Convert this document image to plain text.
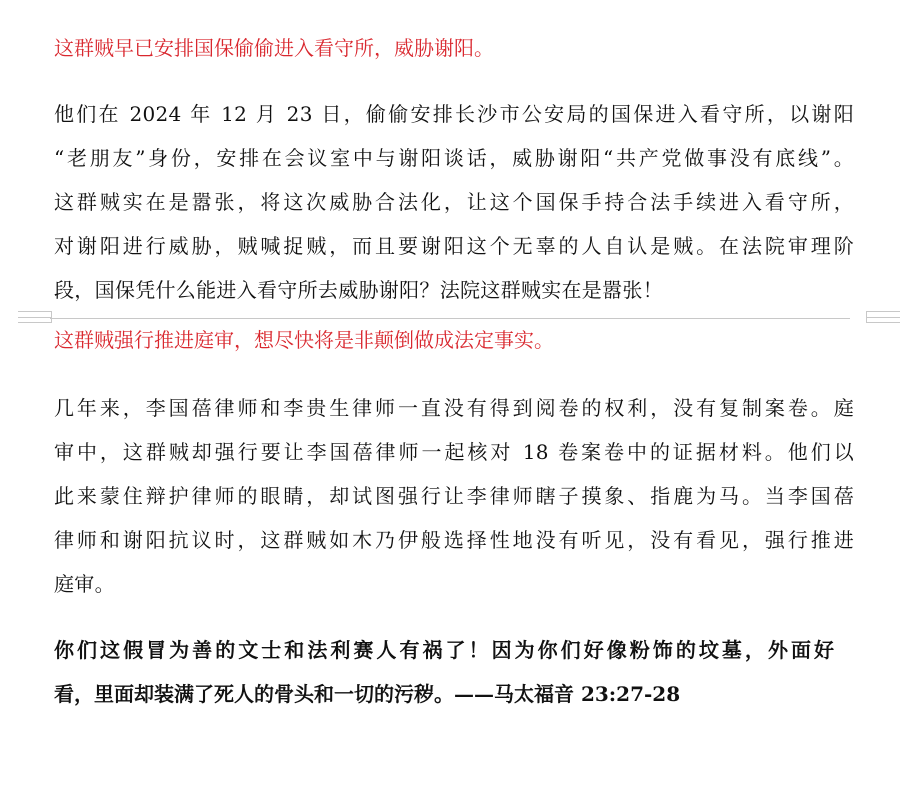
这群贼早已安排国保偷偷进入看守所，威胁谢阳。

他们在 2024 年 12 月 23 日，偷偷安排长沙市公安局的国保进入看守所，以谢阳
“老朋友”身份，安排在会议室中与谢阳谈话，威胁谢阳“共产党做事没有底线”。
这群贼实在是嚣张，将这次威胁合法化，让这个国保手持合法手续进入看守所，
对谢阳进行威胁，贼喊捉贼，而且要谢阳这个无辜的人自认是贼。在法院审理阶
段，国保凭什么能进入看守所去威胁谢阳？法院这群贼实在是嚣张！

这群贼强行推进庭审，想尽快将是非颠倒做成法定事实。

几年来，李国蓓律师和李贵生律师一直没有得到阅卷的权利，没有复制案卷。庭
审中，这群贼却强行要让李国蓓律师一起核对 18 卷案卷中的证据材料。他们以
此来蒙住辩护律师的眼睛，却试图强行让李律师瞎子摸象、指鹿为马。当李国蓓
律师和谢阳抗议时，这群贼如木乃伊般选择性地没有听见，没有看见，强行推进
庭审。
你们这假冒为善的文士和法利赛人有祸了！因为你们好像粉饰的坟墓，外面好
看，里面却装满了死人的骨头和一切的污秽。——马太福音 23:27-28
